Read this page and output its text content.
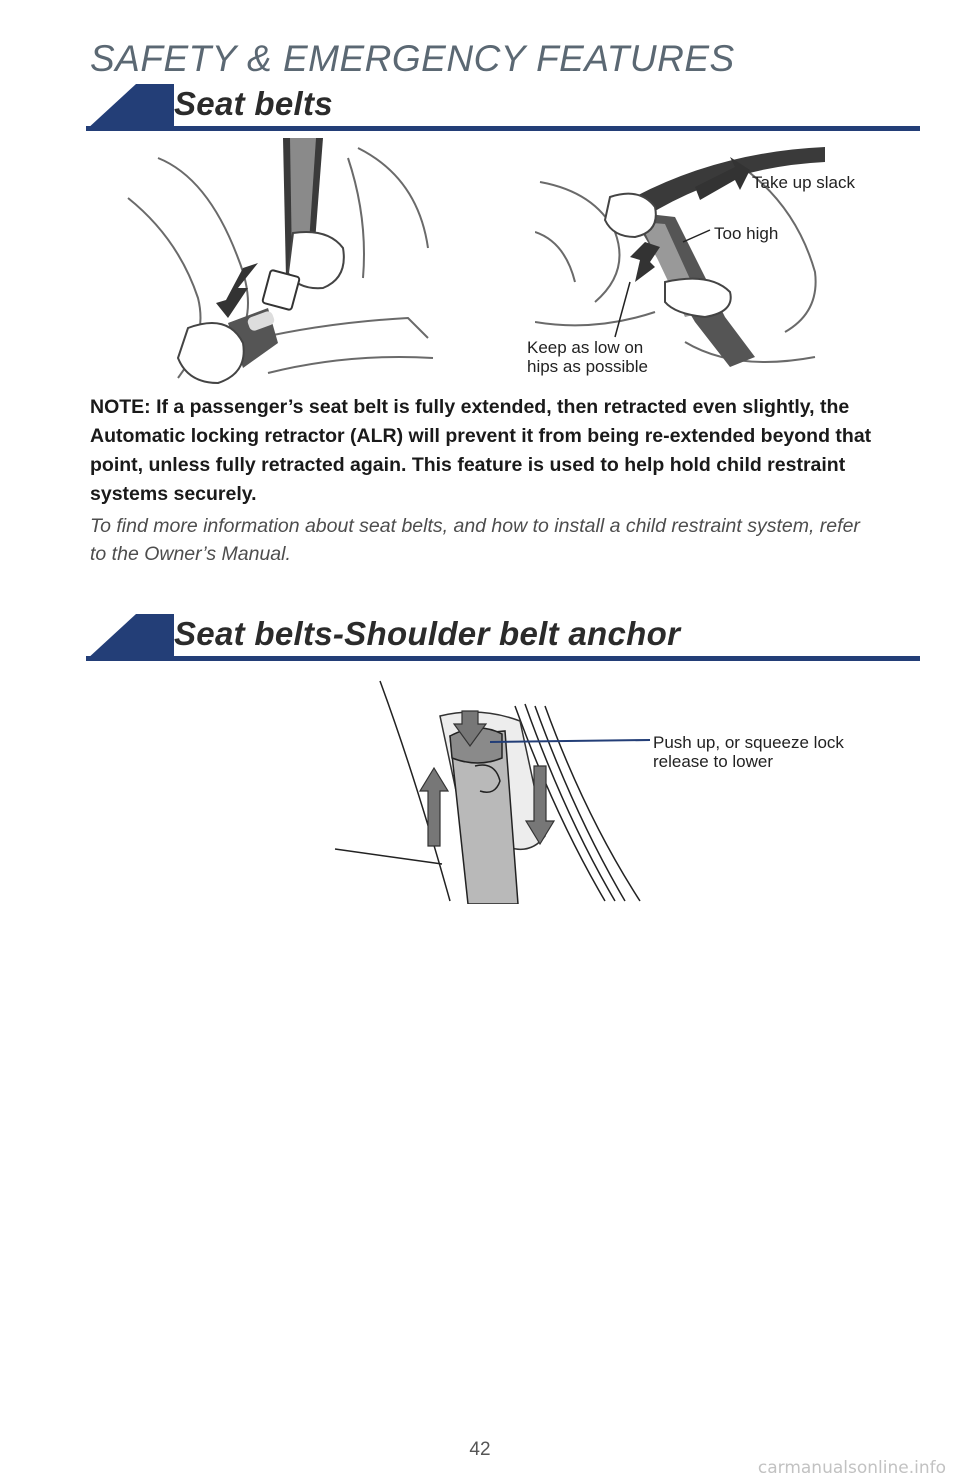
SAFETY & EMERGENCY FEATURES
Seat belts
Take up slack
Too high
Keep as low on hips as possible

NOTE: If a passenger’s seat belt is fully extended, then retracted even slightly, the Automatic locking retractor (ALR) will prevent it from being re-extended beyond that point, unless fully retracted again. This feature is used to help hold child restraint systems securely.

To find more information about seat belts, and how to install a child restraint system, refer to the Owner’s Manual.

Seat belts-Shoulder belt anchor
Push up, or squeeze lock release to lower
42
carmanualsonline.info
